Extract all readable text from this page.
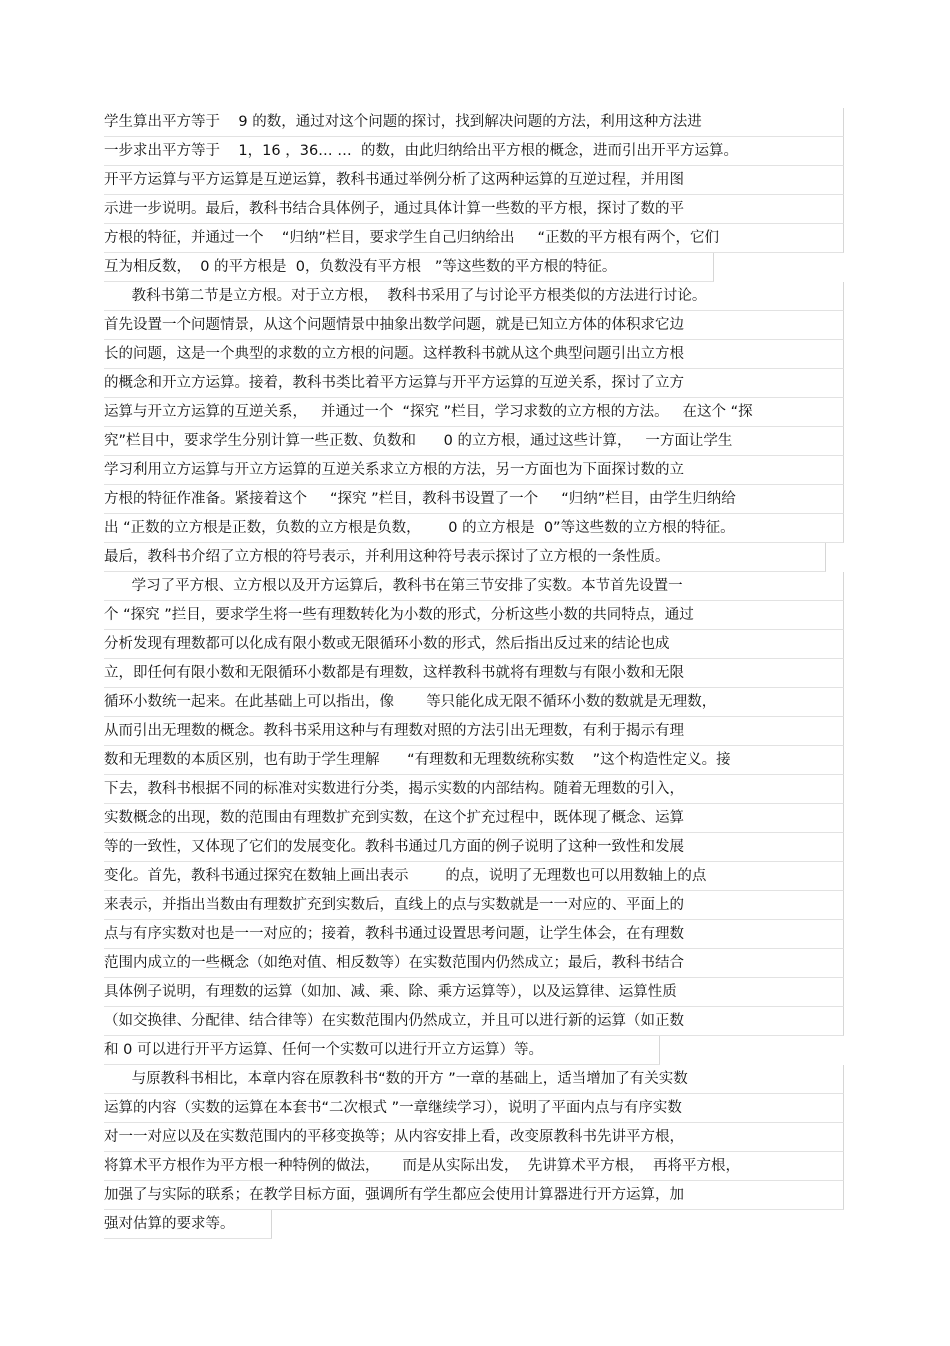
学生算出平方等于    9 的数，通过对这个问题的探讨，找到解决问题的方法，利用这种方法进
一步求出平方等于    1，16 ，36… …  的数，由此归纳给出平方根的概念，进而引出开平方运算。
开平方运算与平方运算是互逆运算，教科书通过举例分析了这两种运算的互逆过程，并用图
示进一步说明。最后，教科书结合具体例子，通过具体计算一些数的平方根，探讨了数的平
方根的特征，并通过一个    “归纳”栏目，要求学生自己归纳给出     “正数的平方根有两个，它们
互为相反数，  0 的平方根是  0，负数没有平方根   ”等这些数的平方根的特征。
教科书第二节是立方根。对于立方根，  教科书采用了与讨论平方根类似的方法进行讨论。
首先设置一个问题情景，从这个问题情景中抽象出数学问题，就是已知立方体的体积求它边
长的问题，这是一个典型的求数的立方根的问题。这样教科书就从这个典型问题引出立方根
的概念和开立方运算。接着，教科书类比着平方运算与开平方运算的互逆关系，探讨了立方
运算与开立方运算的互逆关系，   并通过一个  “探究 ”栏目，学习求数的立方根的方法。   在这个 “探
究”栏目中，要求学生分别计算一些正数、负数和      0 的立方根，通过这些计算，   一方面让学生
学习利用立方运算与开立方运算的互逆关系求立方根的方法，另一方面也为下面探讨数的立
方根的特征作准备。紧接着这个     “探究 ”栏目，教科书设置了一个     “归纳”栏目，由学生归纳给
出 “正数的立方根是正数，负数的立方根是负数，      0 的立方根是  0”等这些数的立方根的特征。
最后，教科书介绍了立方根的符号表示，并利用这种符号表示探讨了立方根的一条性质。
学习了平方根、立方根以及开方运算后，教科书在第三节安排了实数。本节首先设置一
个 “探究 ”拦目，要求学生将一些有理数转化为小数的形式，分析这些小数的共同特点，通过
分析发现有理数都可以化成有限小数或无限循环小数的形式，然后指出反过来的结论也成
立，即任何有限小数和无限循环小数都是有理数，这样教科书就将有理数与有限小数和无限
循环小数统一起来。在此基础上可以指出，像       等只能化成无限不循环小数的数就是无理数，
从而引出无理数的概念。教科书采用这种与有理数对照的方法引出无理数，有利于揭示有理
数和无理数的本质区别，也有助于学生理解      “有理数和无理数统称实数    ”这个构造性定义。接
下去，教科书根据不同的标准对实数进行分类，揭示实数的内部结构。随着无理数的引入，
实数概念的出现，数的范围由有理数扩充到实数，在这个扩充过程中，既体现了概念、运算
等的一致性，又体现了它们的发展变化。教科书通过几方面的例子说明了这种一致性和发展
变化。首先，教科书通过探究在数轴上画出表示        的点，说明了无理数也可以用数轴上的点
来表示，并指出当数由有理数扩充到实数后，直线上的点与实数就是一一对应的、平面上的
点与有序实数对也是一一对应的；接着，教科书通过设置思考问题，让学生体会，在有理数
范围内成立的一些概念（如绝对值、相反数等）在实数范围内仍然成立；最后，教科书结合
具体例子说明，有理数的运算（如加、减、乘、除、乘方运算等），以及运算律、运算性质
（如交换律、分配律、结合律等）在实数范围内仍然成立，并且可以进行新的运算（如正数
和 0 可以进行开平方运算、任何一个实数可以进行开立方运算）等。
与原教科书相比，本章内容在原教科书“数的开方 ”一章的基础上，适当增加了有关实数
运算的内容（实数的运算在本套书“二次根式 ”一章继续学习），说明了平面内点与有序实数
对一一对应以及在实数范围内的平移变换等；从内容安排上看，改变原教科书先讲平方根，
将算术平方根作为平方根一种特例的做法，     而是从实际出发，  先讲算术平方根，  再将平方根，
加强了与实际的联系；在教学目标方面，强调所有学生都应会使用计算器进行开方运算，加
强对估算的要求等。
